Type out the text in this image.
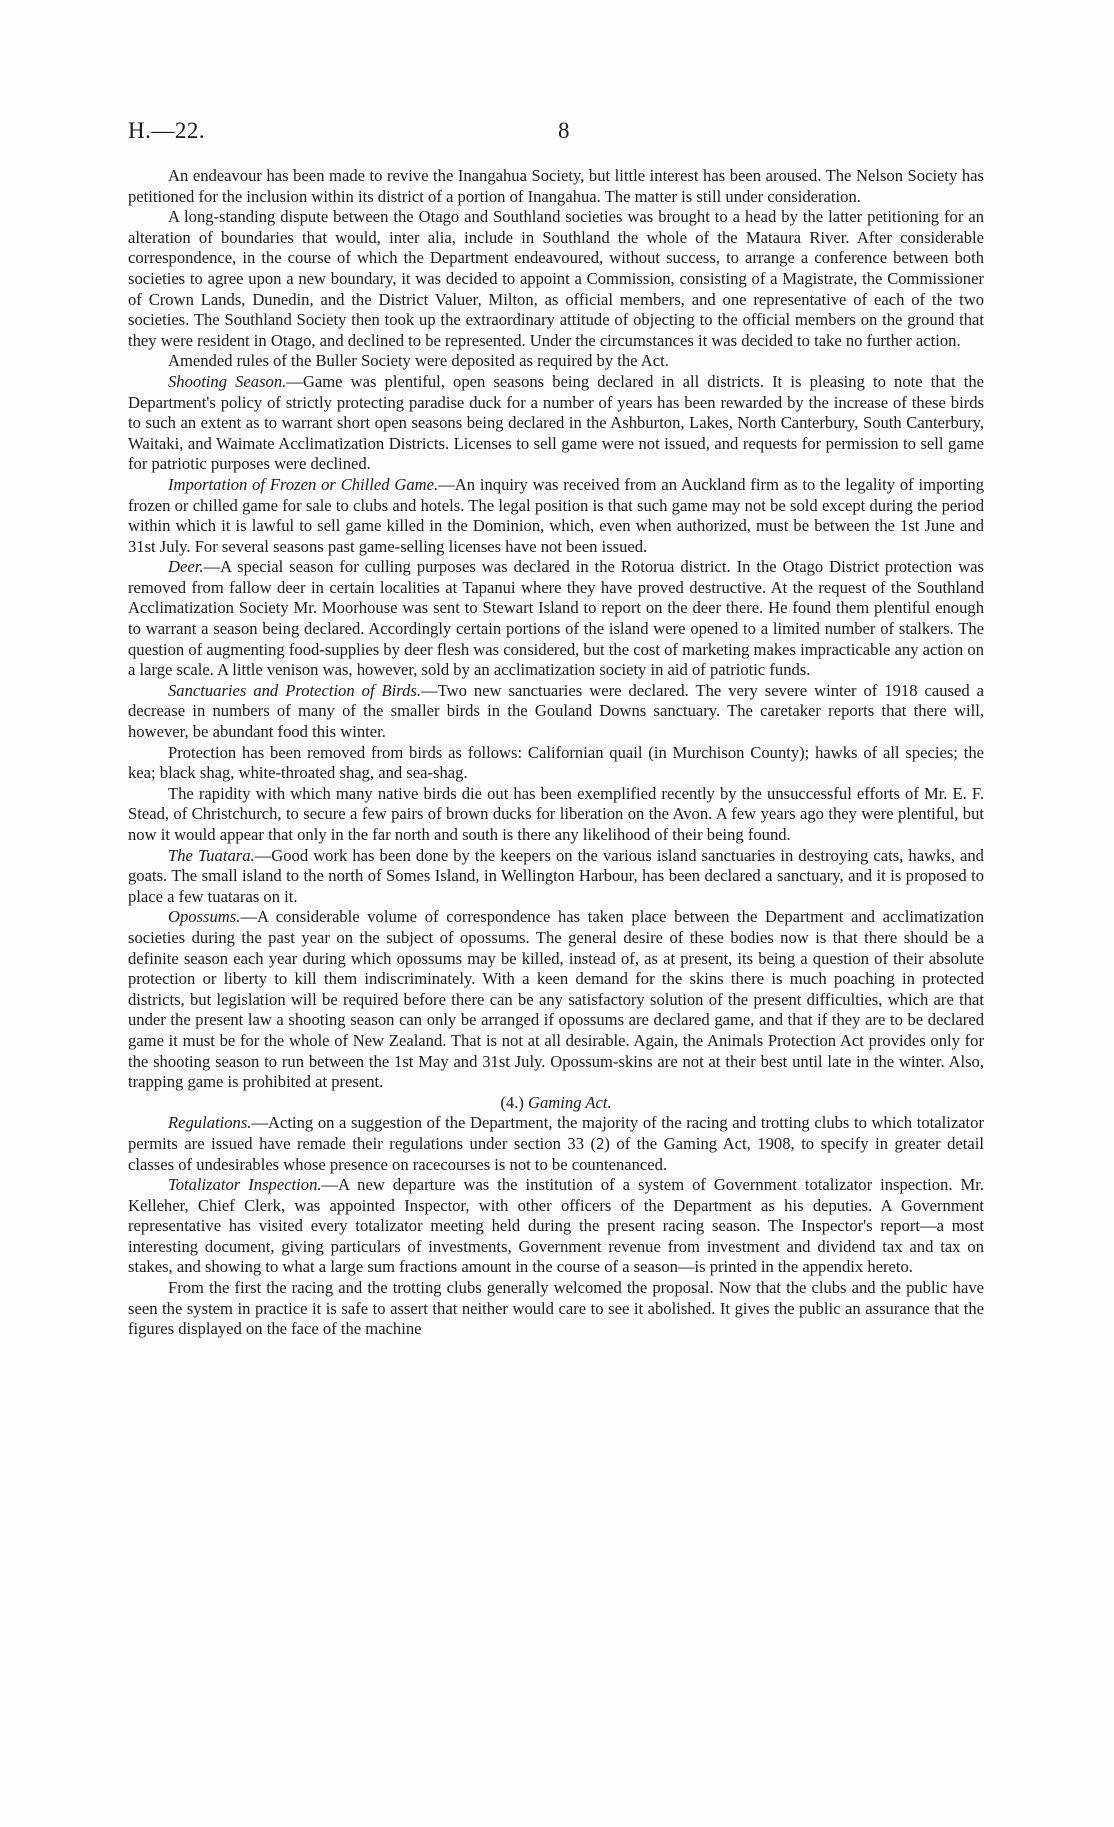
H.—22.	8

An endeavour has been made to revive the Inangahua Society, but little interest has been aroused. The Nelson Society has petitioned for the inclusion within its district of a portion of Inangahua. The matter is still under consideration.

A long-standing dispute between the Otago and Southland societies was brought to a head by the latter petitioning for an alteration of boundaries that would, inter alia, include in Southland the whole of the Mataura River. After considerable correspondence, in the course of which the Department endeavoured, without success, to arrange a conference between both societies to agree upon a new boundary, it was decided to appoint a Commission, consisting of a Magistrate, the Commissioner of Crown Lands, Dunedin, and the District Valuer, Milton, as official members, and one representative of each of the two societies. The Southland Society then took up the extraordinary attitude of objecting to the official members on the ground that they were resident in Otago, and declined to be represented. Under the circumstances it was decided to take no further action.

Amended rules of the Buller Society were deposited as required by the Act.

Shooting Season.—Game was plentiful, open seasons being declared in all districts. It is pleasing to note that the Department's policy of strictly protecting paradise duck for a number of years has been rewarded by the increase of these birds to such an extent as to warrant short open seasons being declared in the Ashburton, Lakes, North Canterbury, South Canterbury, Waitaki, and Waimate Acclimatization Districts. Licenses to sell game were not issued, and requests for permission to sell game for patriotic purposes were declined.

Importation of Frozen or Chilled Game.—An inquiry was received from an Auckland firm as to the legality of importing frozen or chilled game for sale to clubs and hotels. The legal position is that such game may not be sold except during the period within which it is lawful to sell game killed in the Dominion, which, even when authorized, must be between the 1st June and 31st July. For several seasons past game-selling licenses have not been issued.

Deer.—A special season for culling purposes was declared in the Rotorua district. In the Otago District protection was removed from fallow deer in certain localities at Tapanui where they have proved destructive. At the request of the Southland Acclimatization Society Mr. Moorhouse was sent to Stewart Island to report on the deer there. He found them plentiful enough to warrant a season being declared. Accordingly certain portions of the island were opened to a limited number of stalkers. The question of augmenting food-supplies by deer flesh was considered, but the cost of marketing makes impracticable any action on a large scale. A little venison was, however, sold by an acclimatization society in aid of patriotic funds.

Sanctuaries and Protection of Birds.—Two new sanctuaries were declared. The very severe winter of 1918 caused a decrease in numbers of many of the smaller birds in the Gouland Downs sanctuary. The caretaker reports that there will, however, be abundant food this winter.

Protection has been removed from birds as follows: Californian quail (in Murchison County); hawks of all species; the kea; black shag, white-throated shag, and sea-shag.

The rapidity with which many native birds die out has been exemplified recently by the unsuccessful efforts of Mr. E. F. Stead, of Christchurch, to secure a few pairs of brown ducks for liberation on the Avon. A few years ago they were plentiful, but now it would appear that only in the far north and south is there any likelihood of their being found.

The Tuatara.—Good work has been done by the keepers on the various island sanctuaries in destroying cats, hawks, and goats. The small island to the north of Somes Island, in Wellington Harbour, has been declared a sanctuary, and it is proposed to place a few tuataras on it.

Opossums.—A considerable volume of correspondence has taken place between the Department and acclimatization societies during the past year on the subject of opossums. The general desire of these bodies now is that there should be a definite season each year during which opossums may be killed, instead of, as at present, its being a question of their absolute protection or liberty to kill them indiscriminately. With a keen demand for the skins there is much poaching in protected districts, but legislation will be required before there can be any satisfactory solution of the present difficulties, which are that under the present law a shooting season can only be arranged if opossums are declared game, and that if they are to be declared game it must be for the whole of New Zealand. That is not at all desirable. Again, the Animals Protection Act provides only for the shooting season to run between the 1st May and 31st July. Opossum-skins are not at their best until late in the winter. Also, trapping game is prohibited at present.

(4.) Gaming Act.

Regulations.—Acting on a suggestion of the Department, the majority of the racing and trotting clubs to which totalizator permits are issued have remade their regulations under section 33 (2) of the Gaming Act, 1908, to specify in greater detail classes of undesirables whose presence on racecourses is not to be countenanced.

Totalizator Inspection.—A new departure was the institution of a system of Government totalizator inspection. Mr. Kelleher, Chief Clerk, was appointed Inspector, with other officers of the Department as his deputies. A Government representative has visited every totalizator meeting held during the present racing season. The Inspector's report—a most interesting document, giving particulars of investments, Government revenue from investment and dividend tax and tax on stakes, and showing to what a large sum fractions amount in the course of a season—is printed in the appendix hereto.

From the first the racing and the trotting clubs generally welcomed the proposal. Now that the clubs and the public have seen the system in practice it is safe to assert that neither would care to see it abolished. It gives the public an assurance that the figures displayed on the face of the machine
